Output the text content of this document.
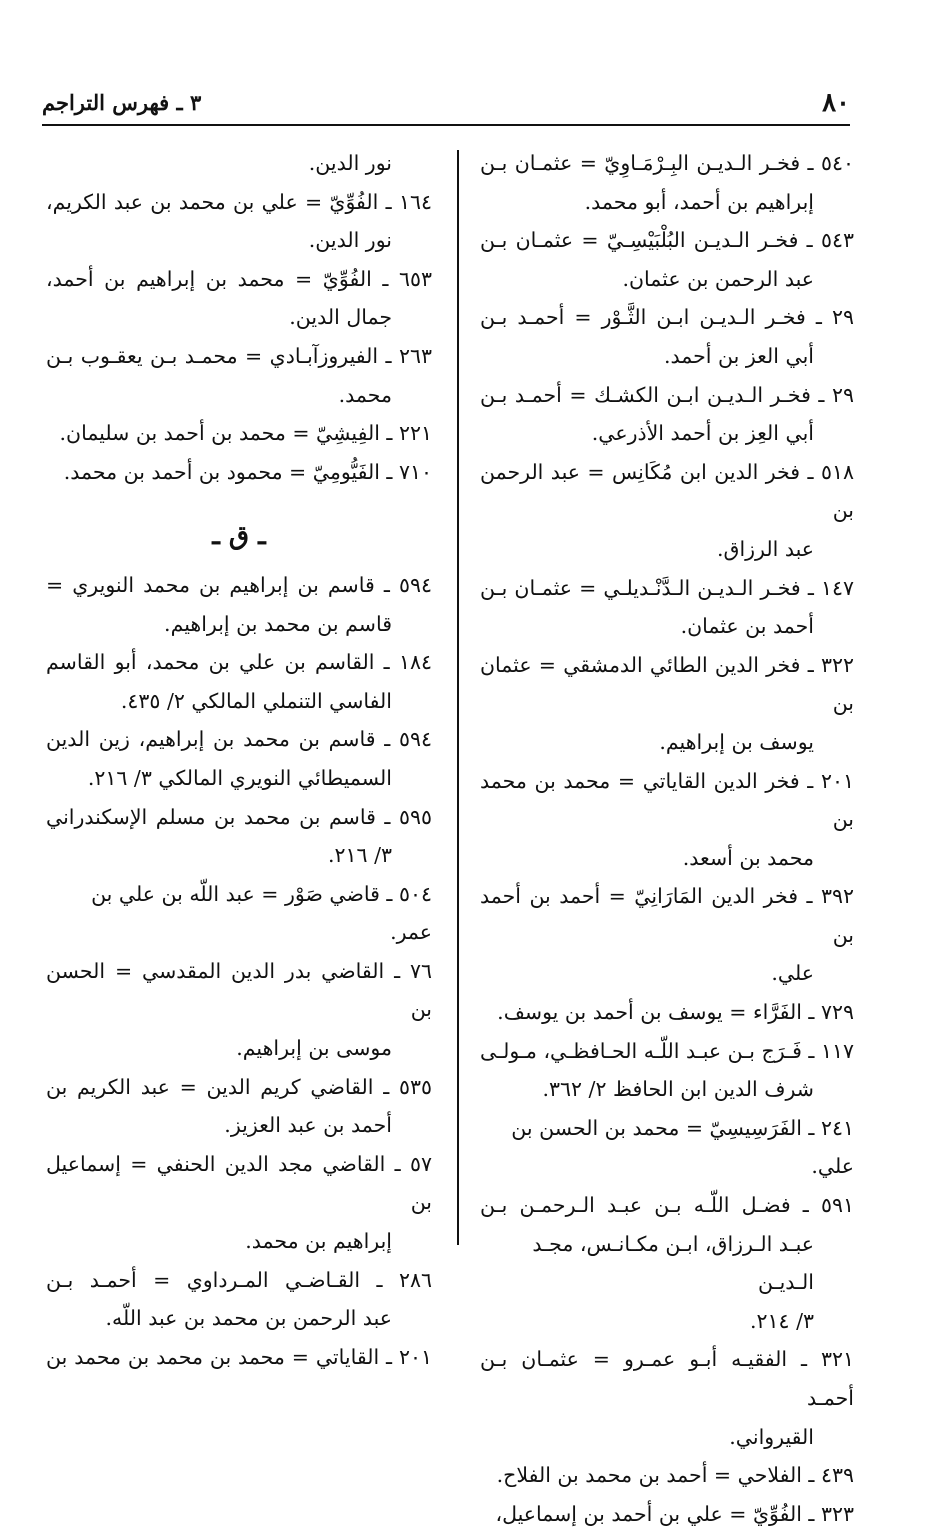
٨٠
٣ ـ فهرس التراجم
٥٤٠ ـ فخـر الـديـن البِـرْمَـاوِيّ = عثمـان بـن
إبراهيم بن أحمد، أبو محمد.
٥٤٣ ـ فخـر الـديـن البُلْبَيْسِـيّ = عثمـان بـن
عبد الرحمن بن عثمان.
٢٩ ـ فخـر الـديـن ابـن الثَّـوْر = أحمـد بـن
أبي العز بن أحمد.
٢٩ ـ فخـر الـديـن ابـن الكشـك = أحمـد بـن
أبي العِز بن أحمد الأذرعي.
٥١٨ ـ فخر الدين ابن مُكَانِس = عبد الرحمن بن
عبد الرزاق.
١٤٧ ـ فخـر الـديـن الـدَّنْـديلـي = عثمـان بـن
أحمد بن عثمان.
٣٢٢ ـ فخر الدين الطائي الدمشقي = عثمان بن
يوسف بن إبراهيم.
٢٠١ ـ فخر الدين القاياتي = محمد بن محمد بن
محمد بن أسعد.
٣٩٢ ـ فخر الدين المَارَانِيّ = أحمد بن أحمد بن
علي.
٧٢٩ ـ الفَرَّاء = يوسف بن أحمد بن يوسف.
١١٧ ـ فَـرَج بـن عبـد اللّـه الحـافظـي، مـولـى
شرف الدين ابن الحافظ ٢/ ٣٦٢.
٢٤١ ـ الفَرَسِيسِيّ = محمد بن الحسن بن علي.
٥٩١ ـ فضـل اللّـه بـن عبـد الـرحمـن بـن
عبـد الـرزاق، ابـن مكـانـس، مجـد الـديـن
٣/ ٢١٤.
٣٢١ ـ الفقيـه أبـو عمـرو = عثمـان بـن أحمـد
القيرواني.
٤٣٩ ـ الفلاحي = أحمد بن محمد بن الفلاح.
٣٢٣ ـ الفُوِّيّ = علي بن أحمد بن إسماعيل،
نور الدين.
١٦٤ ـ الفُوِّيّ = علي بن محمد بن عبد الكريم،
نور الدين.
٦٥٣ ـ الفُوِّيّ = محمد بن إبراهيم بن أحمد،
جمال الدين.
٢٦٣ ـ الفيروزآبـادي = محمـد بـن يعقـوب بـن
محمد.
٢٢١ ـ الفِيشِيّ = محمد بن أحمد بن سليمان.
٧١٠ ـ الفَيُّومِيّ = محمود بن أحمد بن محمد.
ـ ق ـ
٥٩٤ ـ قاسم بن إبراهيم بن محمد النويري =
قاسم بن محمد بن إبراهيم.
١٨٤ ـ القاسم بن علي بن محمد، أبو القاسم
الفاسي التنملي المالكي ٢/ ٤٣٥.
٥٩٤ ـ قاسم بن محمد بن إبراهيم، زين الدين
السميطائي النويري المالكي ٣/ ٢١٦.
٥٩٥ ـ قاسم بن محمد بن مسلم الإسكندراني
٣/ ٢١٦.
٥٠٤ ـ قاضي صَوْر = عبد اللّه بن علي بن عمر.
٧٦ ـ القاضي بدر الدين المقدسي = الحسن بن
موسى بن إبراهيم.
٥٣٥ ـ القاضي كريم الدين = عبد الكريم بن
أحمد بن عبد العزيز.
٥٧ ـ القاضي مجد الدين الحنفي = إسماعيل بن
إبراهيم بن محمد.
٢٨٦ ـ القـاضـي المـرداوي = أحمـد بـن
عبد الرحمن بن محمد بن عبد اللّه.
٢٠١ ـ القاياتي = محمد بن محمد بن محمد بن
